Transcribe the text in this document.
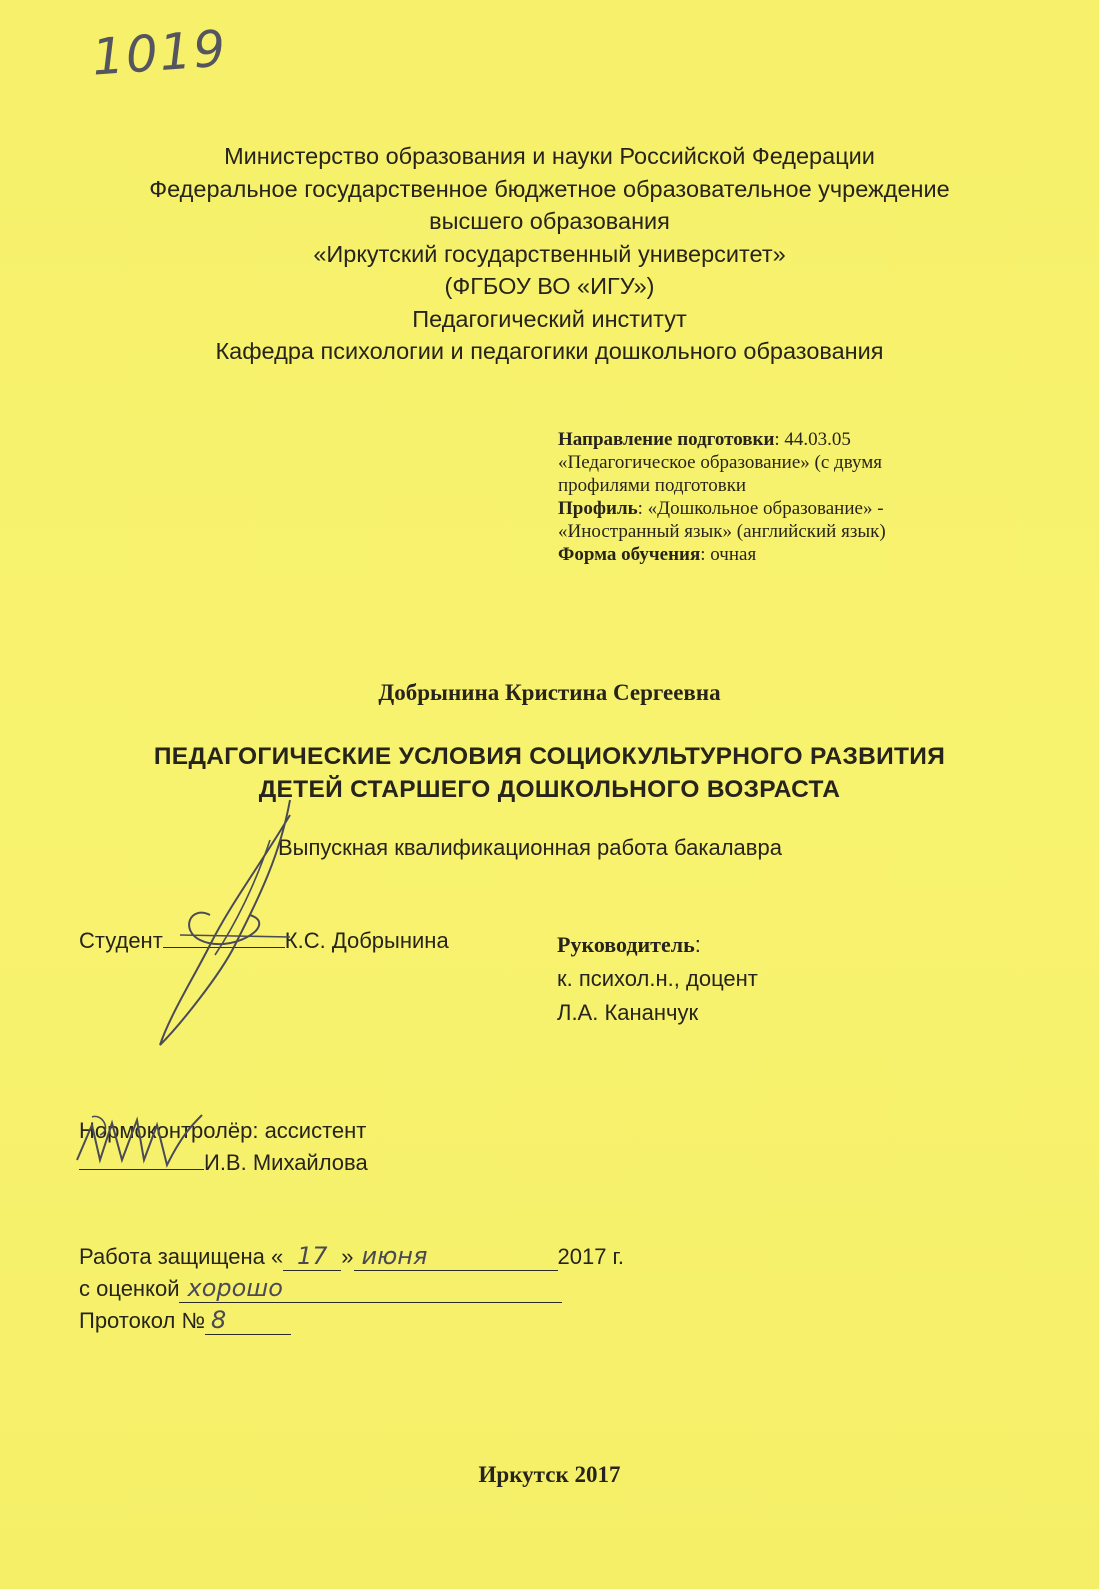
1019
Министерство образования и науки Российской Федерации
Федеральное государственное бюджетное образовательное учреждение
высшего образования
«Иркутский государственный университет»
(ФГБОУ ВО «ИГУ»)
Педагогический институт
Кафедра психологии и педагогики дошкольного образования
Направление подготовки: 44.03.05
«Педагогическое образование» (с двумя
профилями подготовки
Профиль: «Дошкольное образование» -
«Иностранный язык» (английский язык)
Форма обучения: очная
Добрынина Кристина Сергеевна
ПЕДАГОГИЧЕСКИЕ УСЛОВИЯ СОЦИОКУЛЬТУРНОГО РАЗВИТИЯ
ДЕТЕЙ СТАРШЕГО ДОШКОЛЬНОГО ВОЗРАСТА
Выпускная квалификационная работа бакалавра
Студент	К.С. Добрынина	Руководитель:
к. психол.н., доцент
Л.А. Кананчук
Нормоконтролёр: ассистент
И.В. Михайлова
Работа защищена « 17 » июня	2017 г.
с оценкой хорошо
Протокол № 8
Иркутск 2017
